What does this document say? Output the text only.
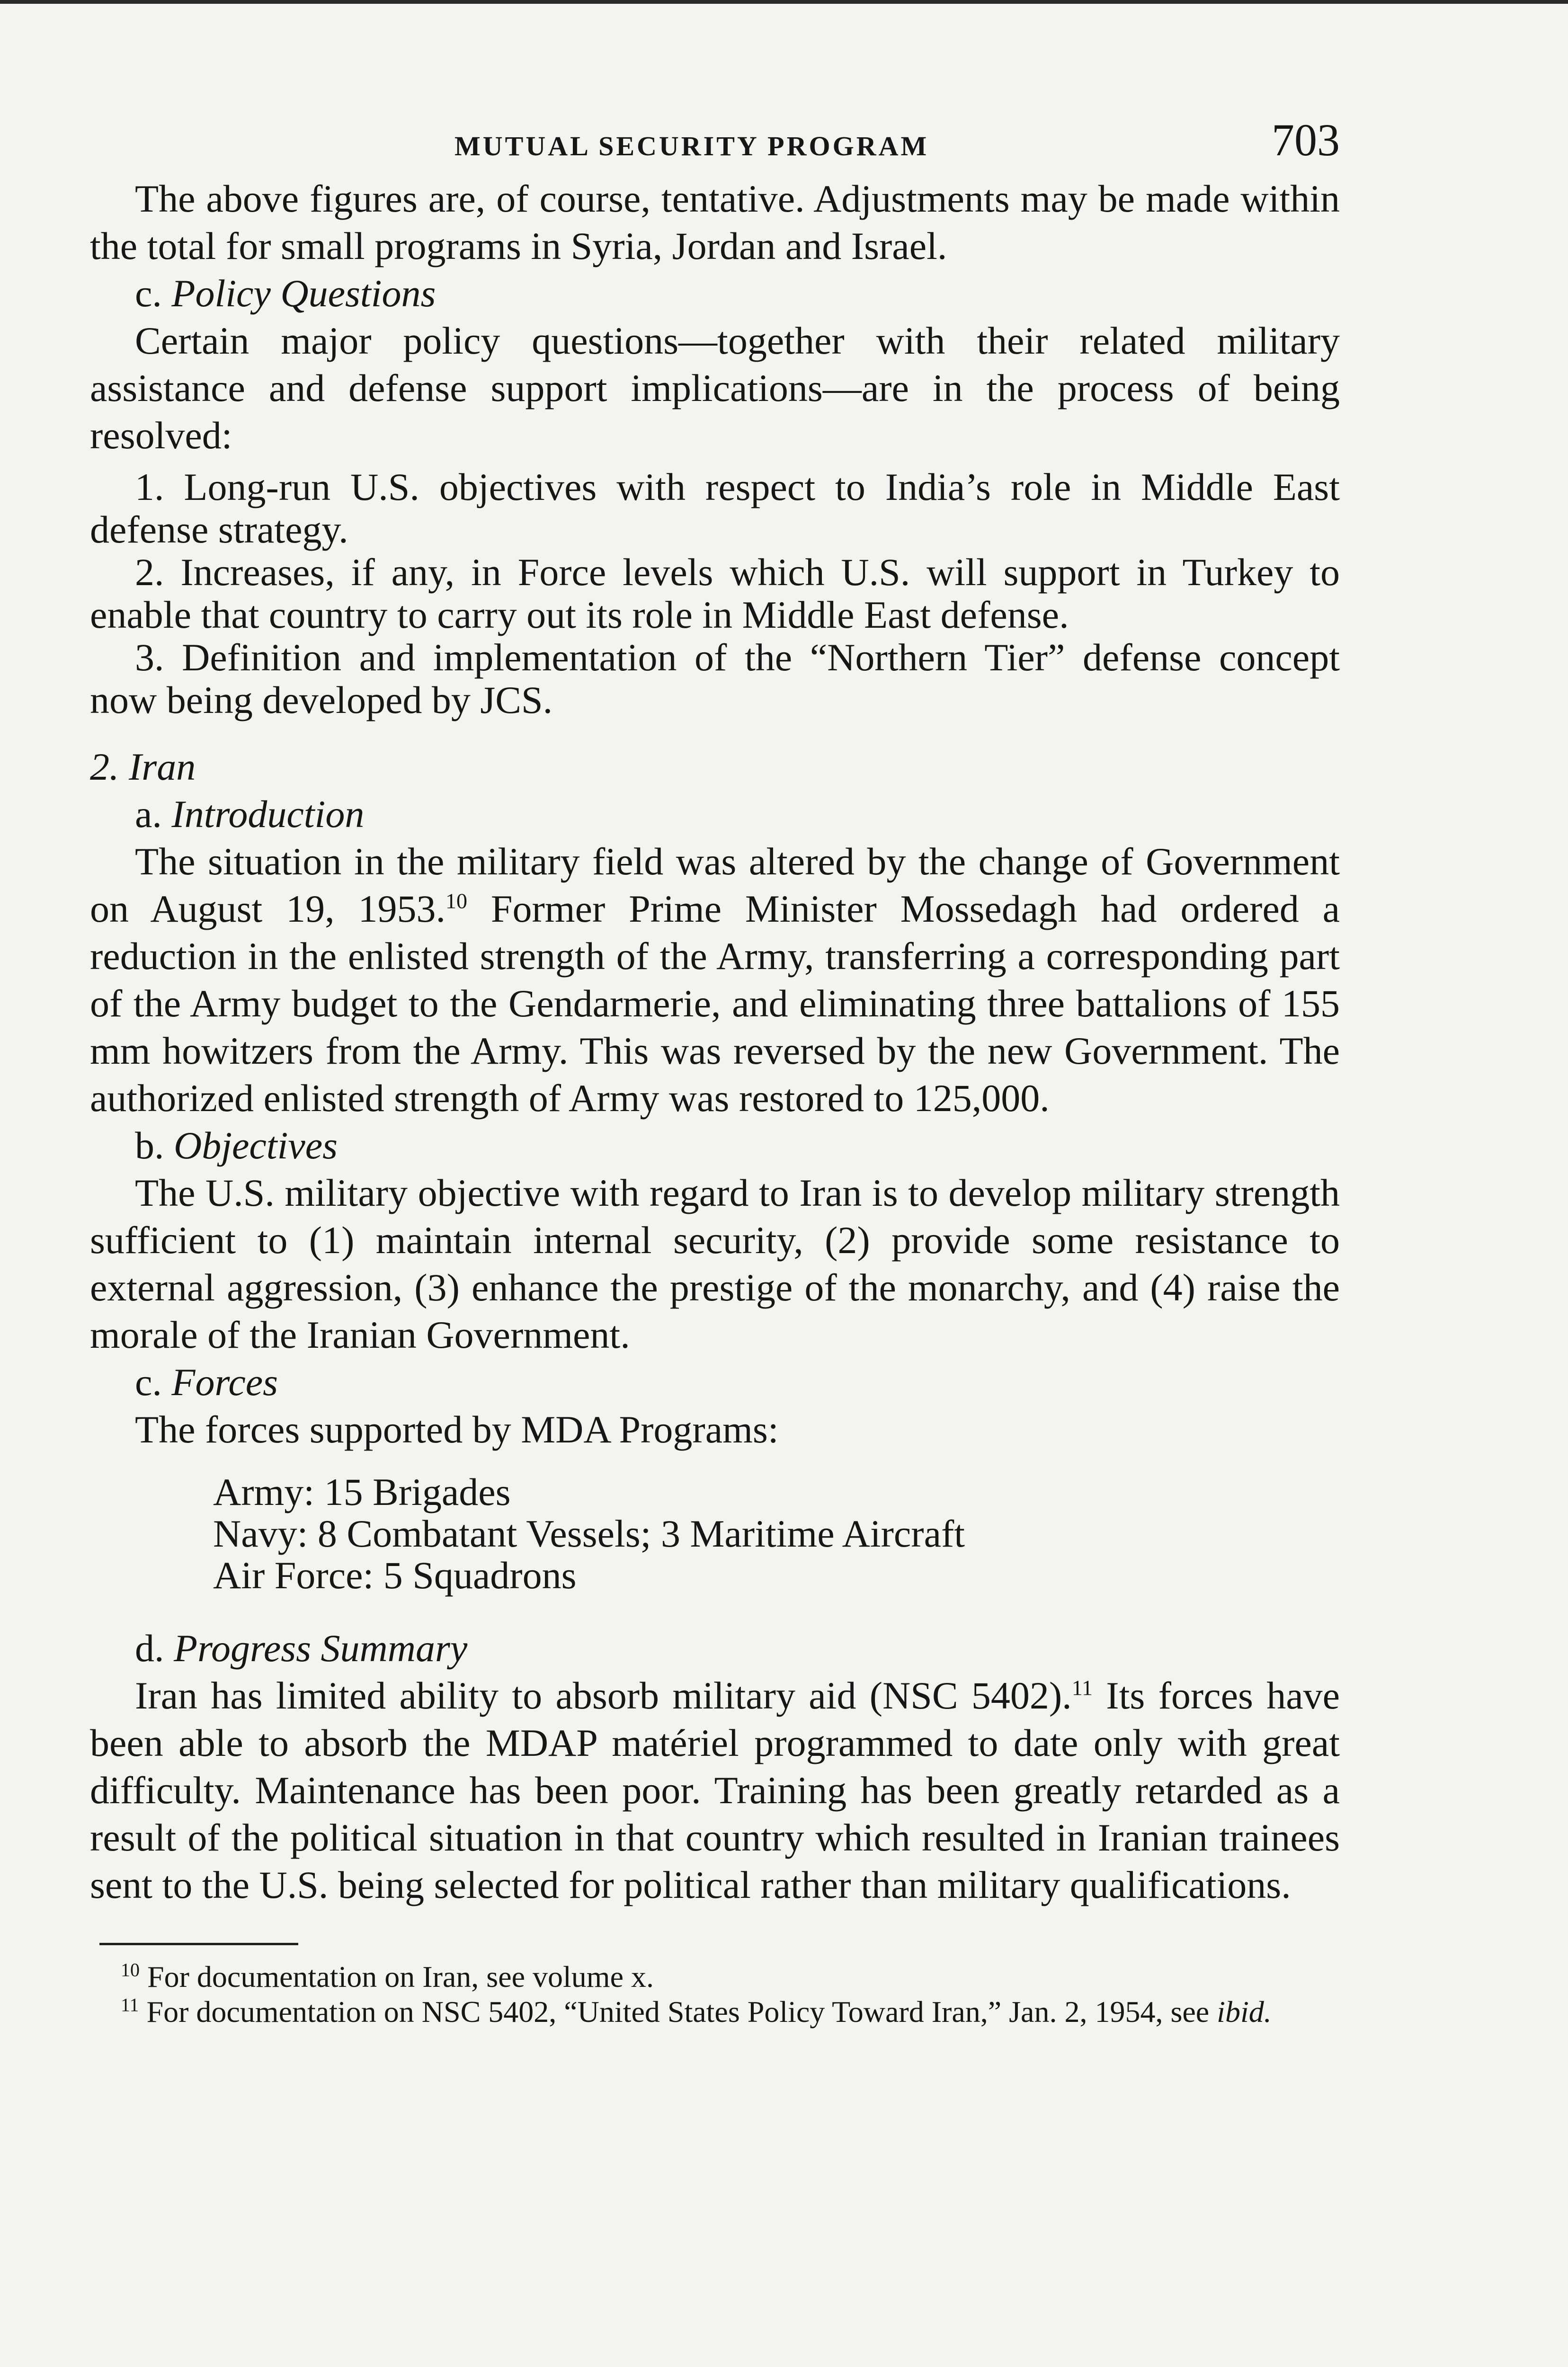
MUTUAL SECURITY PROGRAM	703

The above figures are, of course, tentative. Adjustments may be made within the total for small programs in Syria, Jordan and Israel.

c. Policy Questions

Certain major policy questions—together with their related military assistance and defense support implications—are in the process of being resolved:

1. Long-run U.S. objectives with respect to India’s role in Middle East defense strategy.

2. Increases, if any, in Force levels which U.S. will support in Turkey to enable that country to carry out its role in Middle East defense.

3. Definition and implementation of the “Northern Tier” defense concept now being developed by JCS.

2. Iran

a. Introduction

The situation in the military field was altered by the change of Government on August 19, 1953.10 Former Prime Minister Mossedagh had ordered a reduction in the enlisted strength of the Army, transferring a corresponding part of the Army budget to the Gendarmerie, and eliminating three battalions of 155 mm howitzers from the Army. This was reversed by the new Government. The authorized enlisted strength of Army was restored to 125,000.

b. Objectives

The U.S. military objective with regard to Iran is to develop military strength sufficient to (1) maintain internal security, (2) provide some resistance to external aggression, (3) enhance the prestige of the monarchy, and (4) raise the morale of the Iranian Government.

c. Forces

The forces supported by MDA Programs:

Army: 15 Brigades

Navy: 8 Combatant Vessels; 3 Maritime Aircraft

Air Force: 5 Squadrons

d. Progress Summary

Iran has limited ability to absorb military aid (NSC 5402).$^{11}$ Its forces have been able to absorb the MDAP matériel programmed to date only with great difficulty. Maintenance has been poor. Training has been greatly retarded as a result of the political situation in that country which resulted in Iranian trainees sent to the U.S. being selected for political rather than military qualifications.

$^{10}$ For documentation on Iran, see volume x.

$^{11}$ For documentation on NSC 5402, “United States Policy Toward Iran,” Jan. 2, 1954, see ibid.
